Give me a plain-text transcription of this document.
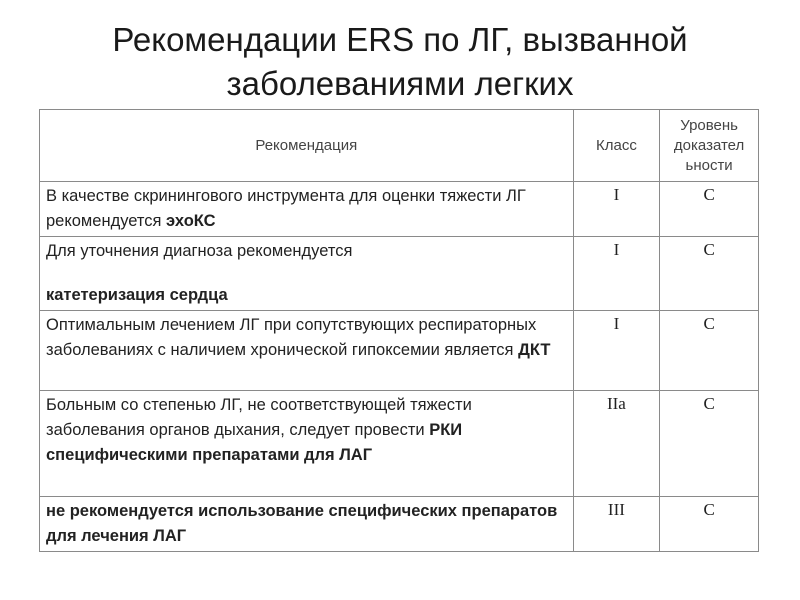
Рекомендации ERS по ЛГ, вызванной
заболеваниями легких
Рекомендация	Класс	Уровень
доказател
ьности

В качестве скринингового инструмента для оценки тяжести ЛГ рекомендуется эхоКС	I	C
Для уточнения диагноза рекомендуется

катетеризация сердца	I	C
Оптимальным лечением ЛГ при сопутствующих респираторных заболеваниях с наличием хронической гипоксемии является ДКТ	I	C
Больным со степенью ЛГ, не соответствующей тяжести заболевания органов дыхания, следует провести РКИ специфическими препаратами для ЛАГ	IIa	C
не рекомендуется использование специфических препаратов для лечения ЛАГ	III	C
